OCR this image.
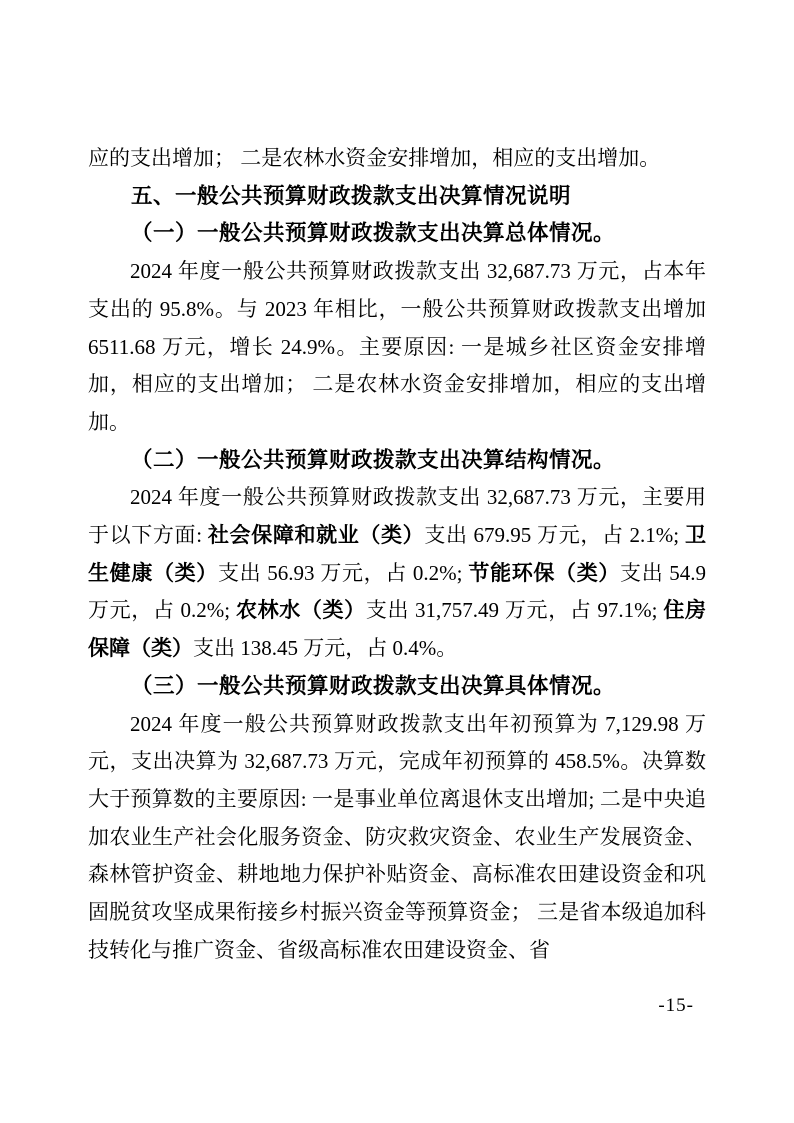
应的支出增加； 二是农林水资金安排增加，相应的支出增加。

五、一般公共预算财政拨款支出决算情况说明

（一）一般公共预算财政拨款支出决算总体情况。

2024 年度一般公共预算财政拨款支出 32,687.73 万元，占本年支出的 95.8%。与 2023 年相比，一般公共预算财政拨款支出增加 6511.68 万元，增长 24.9%。主要原因: 一是城乡社区资金安排增加，相应的支出增加； 二是农林水资金安排增加，相应的支出增加。

（二）一般公共预算财政拨款支出决算结构情况。

2024 年度一般公共预算财政拨款支出 32,687.73 万元，主要用于以下方面: 社会保障和就业（类）支出 679.95 万元，占 2.1%; 卫生健康（类）支出 56.93 万元，占 0.2%; 节能环保（类）支出 54.9 万元，占 0.2%; 农林水（类）支出 31,757.49 万元，占 97.1%; 住房保障（类）支出 138.45 万元，占 0.4%。

（三）一般公共预算财政拨款支出决算具体情况。

2024 年度一般公共预算财政拨款支出年初预算为 7,129.98 万元，支出决算为 32,687.73 万元，完成年初预算的 458.5%。决算数大于预算数的主要原因: 一是事业单位离退休支出增加; 二是中央追加农业生产社会化服务资金、防灾救灾资金、农业生产发展资金、森林管护资金、耕地地力保护补贴资金、高标准农田建设资金和巩固脱贫攻坚成果衔接乡村振兴资金等预算资金； 三是省本级追加科技转化与推广资金、省级高标准农田建设资金、省

-15-
